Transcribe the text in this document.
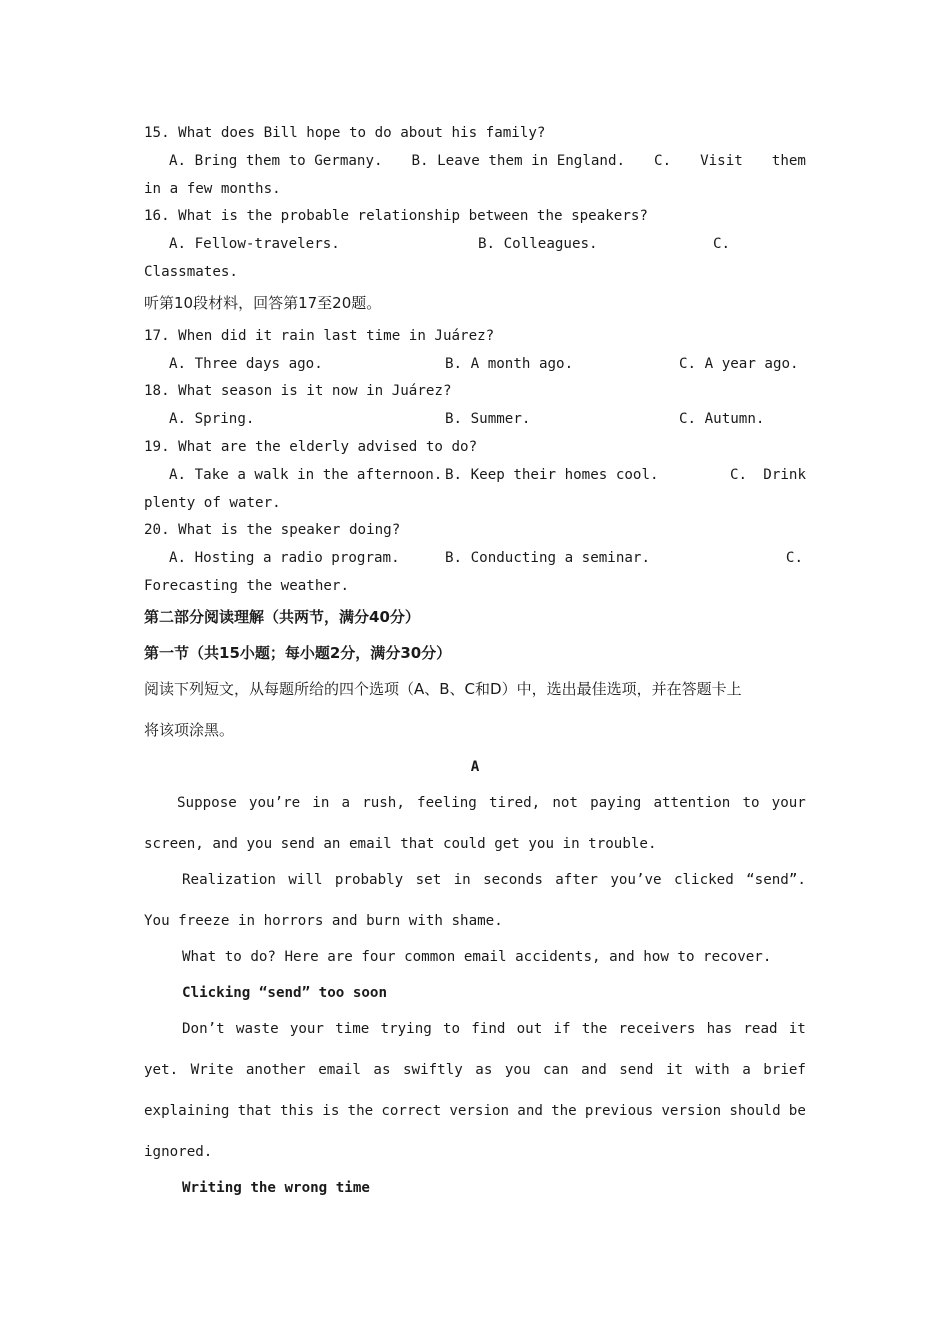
15. What does Bill hope to do about his family?
A. Bring them to Germany. B. Leave them in England. C. Visit them
in a few months.
16. What is the probable relationship between the speakers?
A. Fellow-travelers.	B. Colleagues.	C.
Classmates.
听第10段材料，回答第17至20题。
17. When did it rain last time in Juárez?
A. Three days ago.	B. A month ago.	C. A year ago.
18. What season is it now in Juárez?
A. Spring.	B. Summer.	C. Autumn.
19. What are the elderly advised to do?
A. Take a walk in the afternoon. B. Keep their homes cool.	C. Drink
plenty of water.
20. What is the speaker doing?
A. Hosting a radio program.	B. Conducting a seminar.	C.
Forecasting the weather.
第二部分阅读理解（共两节，满分40分）
第一节（共15小题；每小题2分，满分30分）
阅读下列短文，从每题所给的四个选项（A、B、C和D）中，选出最佳选项，并在答题卡上
将该项涂黑。
A
Suppose you’re in a rush, feeling tired, not paying attention to your
screen, and you send an email that could get you in trouble.
Realization will probably set in seconds after you’ve clicked “send”.
You freeze in horrors and burn with shame.
What to do? Here are four common email accidents, and how to recover.
Clicking “send” too soon
Don’t waste your time trying to find out if the receivers has read it
yet. Write another email as swiftly as you can and send it with a brief
explaining that this is the correct version and the previous version should be
ignored.
Writing the wrong time
